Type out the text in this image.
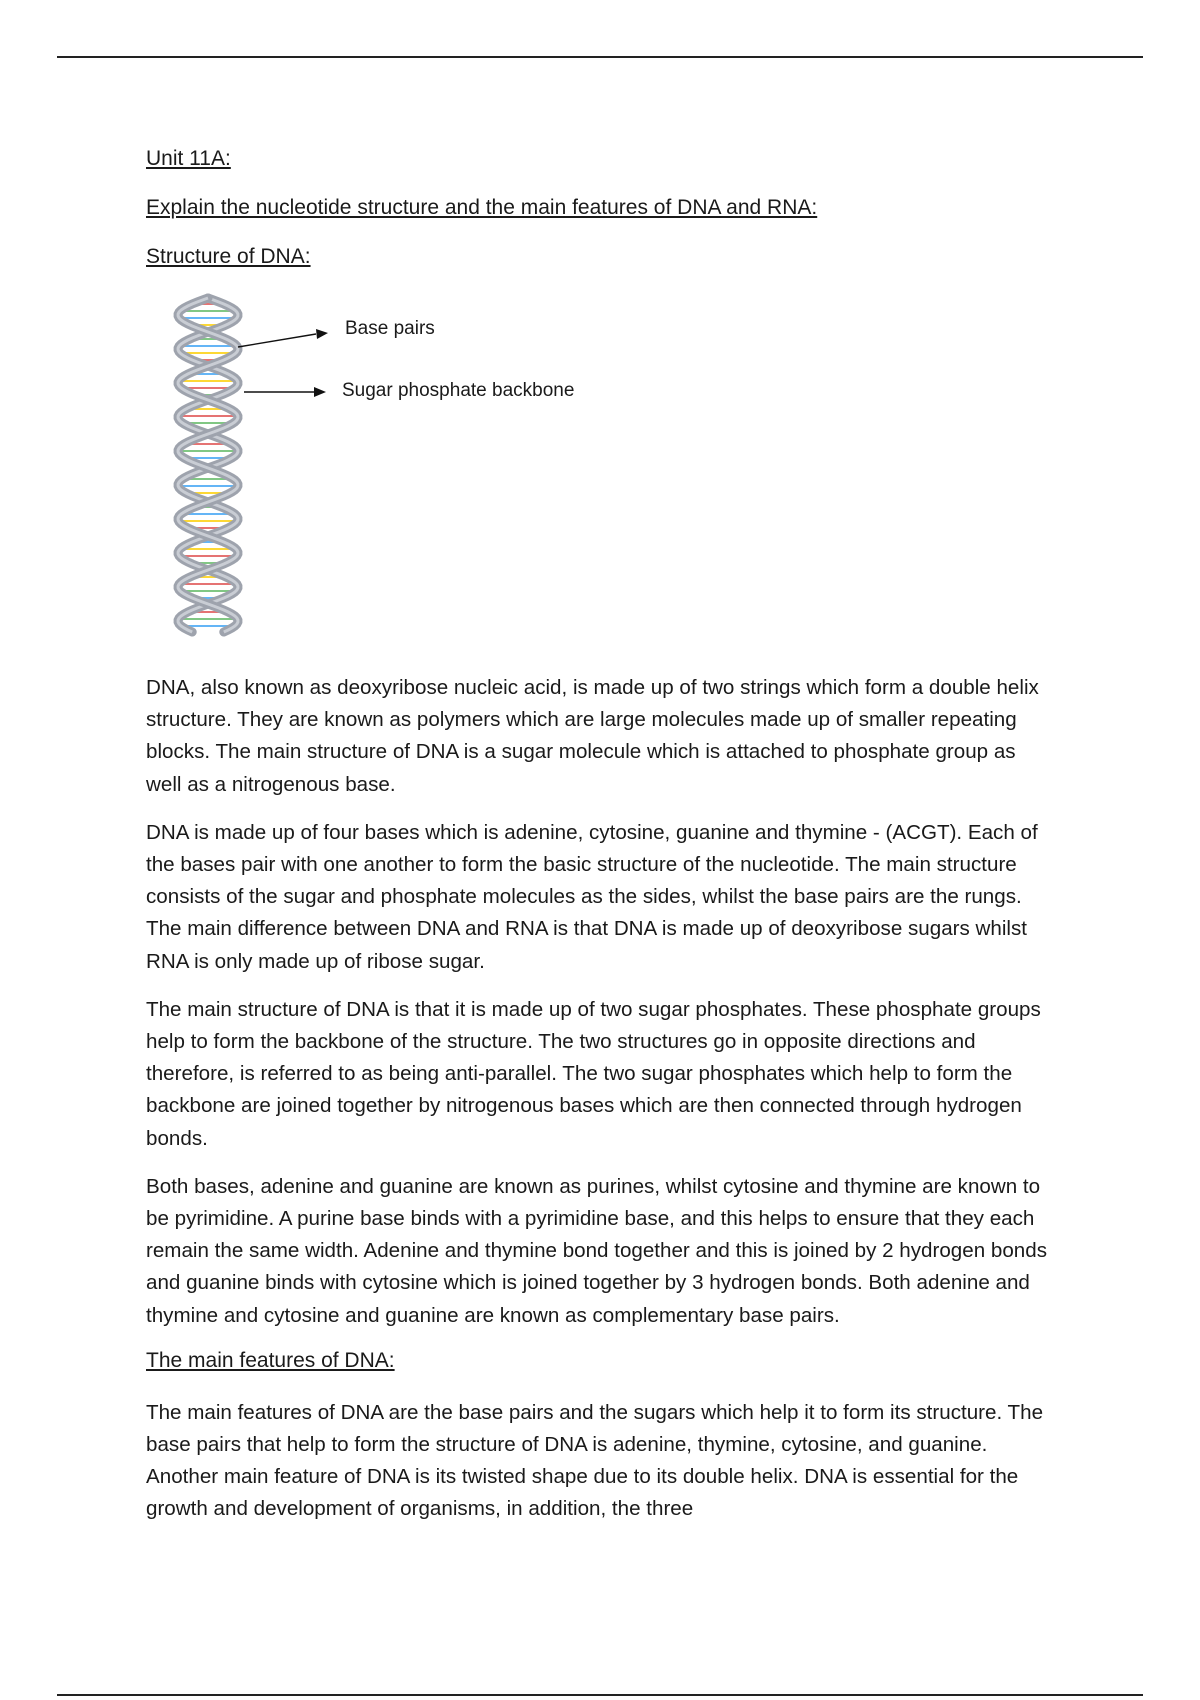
Unit 11A:
Explain the nucleotide structure and the main features of DNA and RNA:
Structure of DNA:
Base pairs
Sugar phosphate backbone

DNA, also known as deoxyribose nucleic acid, is made up of two strings which form a double helix structure. They are known as polymers which are large molecules made up of smaller repeating blocks. The main structure of DNA is a sugar molecule which is attached to phosphate group as well as a nitrogenous base.

DNA is made up of four bases which is adenine, cytosine, guanine and thymine - (ACGT). Each of the bases pair with one another to form the basic structure of the nucleotide. The main structure consists of the sugar and phosphate molecules as the sides, whilst the base pairs are the rungs. The main difference between DNA and RNA is that DNA is made up of deoxyribose sugars whilst RNA is only made up of ribose sugar.

The main structure of DNA is that it is made up of two sugar phosphates. These phosphate groups help to form the backbone of the structure. The two structures go in opposite directions and therefore, is referred to as being anti-parallel. The two sugar phosphates which help to form the backbone are joined together by nitrogenous bases which are then connected through hydrogen bonds.

Both bases, adenine and guanine are known as purines, whilst cytosine and thymine are known to be pyrimidine. A purine base binds with a pyrimidine base, and this helps to ensure that they each remain the same width. Adenine and thymine bond together and this is joined by 2 hydrogen bonds and guanine binds with cytosine which is joined together by 3 hydrogen bonds. Both adenine and thymine and cytosine and guanine are known as complementary base pairs.

The main features of DNA:

The main features of DNA are the base pairs and the sugars which help it to form its structure. The base pairs that help to form the structure of DNA is adenine, thymine, cytosine, and guanine. Another main feature of DNA is its twisted shape due to its double helix. DNA is essential for the growth and development of organisms, in addition, the three
